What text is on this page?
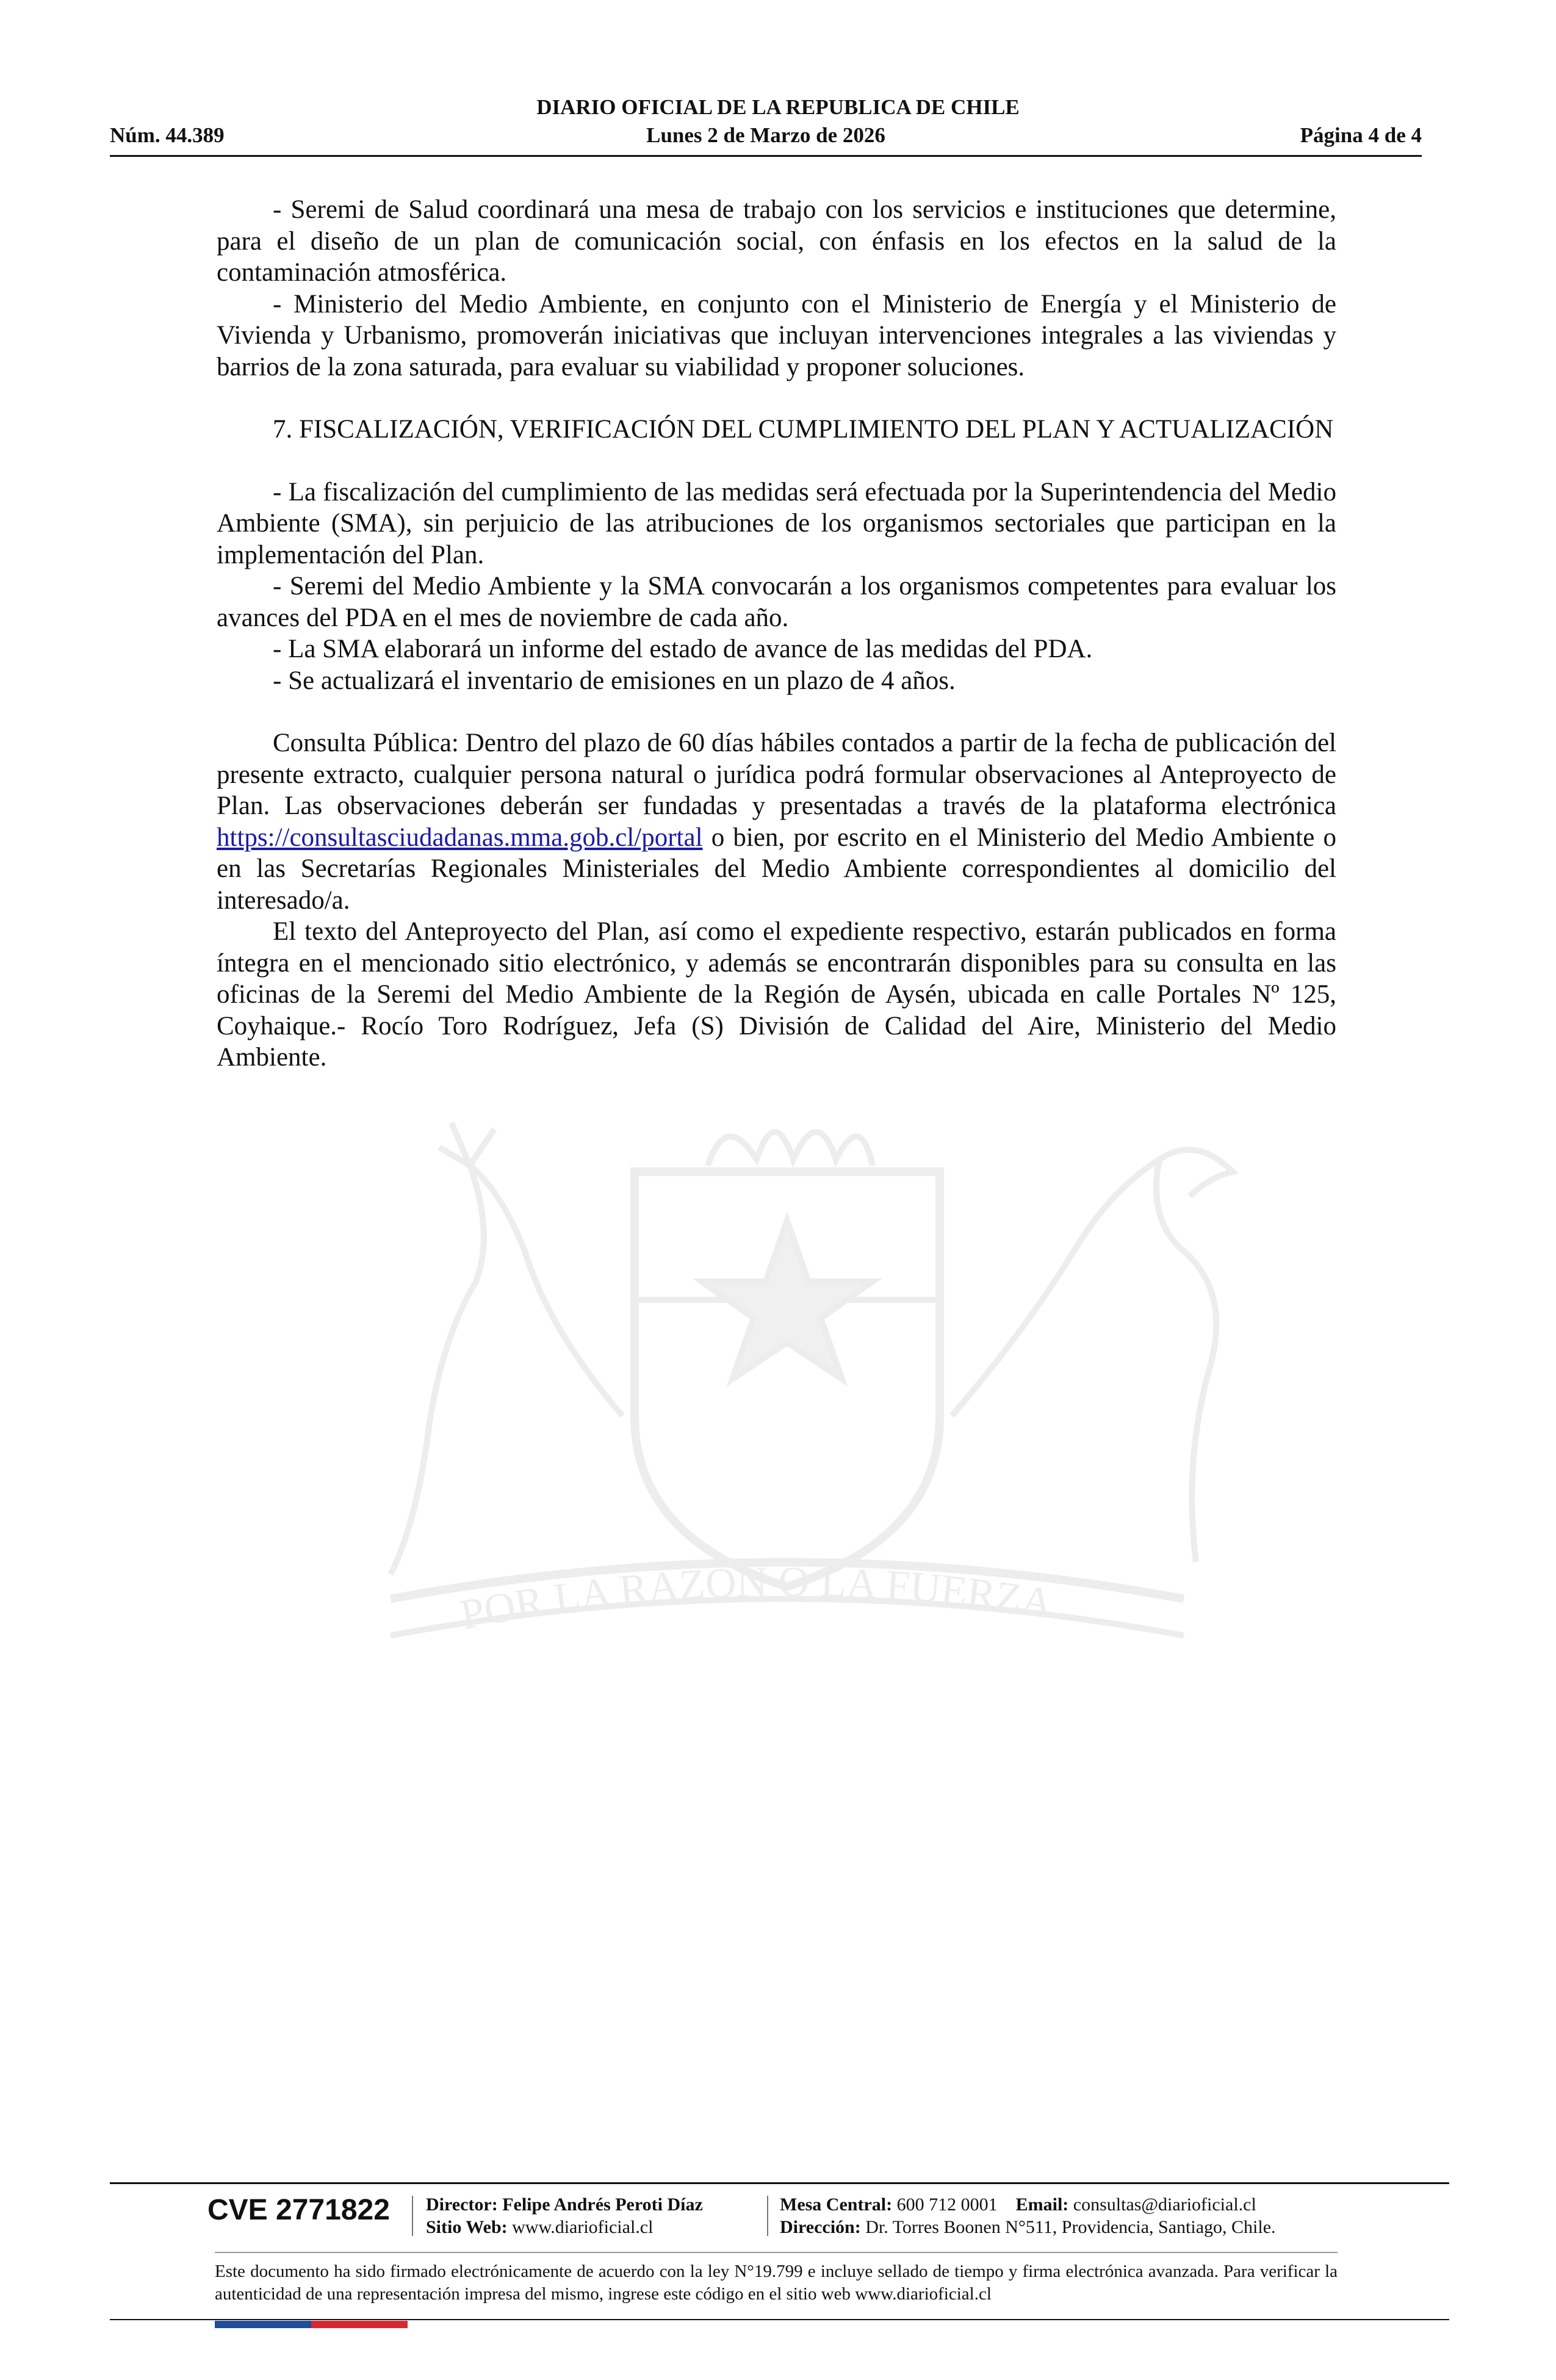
DIARIO OFICIAL DE LA REPUBLICA DE CHILE
Núm. 44.389	Lunes 2 de Marzo de 2026	Página 4 de 4
POR LA RAZÓN O LA FUERZA

- Seremi de Salud coordinará una mesa de trabajo con los servicios e instituciones que determine, para el diseño de un plan de comunicación social, con énfasis en los efectos en la salud de la contaminación atmosférica.

- Ministerio del Medio Ambiente, en conjunto con el Ministerio de Energía y el Ministerio de Vivienda y Urbanismo, promoverán iniciativas que incluyan intervenciones integrales a las viviendas y barrios de la zona saturada, para evaluar su viabilidad y proponer soluciones.

7. FISCALIZACIÓN, VERIFICACIÓN DEL CUMPLIMIENTO DEL PLAN Y ACTUALIZACIÓN

- La fiscalización del cumplimiento de las medidas será efectuada por la Superintendencia del Medio Ambiente (SMA), sin perjuicio de las atribuciones de los organismos sectoriales que participan en la implementación del Plan.

- Seremi del Medio Ambiente y la SMA convocarán a los organismos competentes para evaluar los avances del PDA en el mes de noviembre de cada año.

- La SMA elaborará un informe del estado de avance de las medidas del PDA.

- Se actualizará el inventario de emisiones en un plazo de 4 años.

Consulta Pública: Dentro del plazo de 60 días hábiles contados a partir de la fecha de publicación del presente extracto, cualquier persona natural o jurídica podrá formular observaciones al Anteproyecto de Plan. Las observaciones deberán ser fundadas y presentadas a través de la plataforma electrónica https://consultasciudadanas.mma.gob.cl/portal o bien, por escrito en el Ministerio del Medio Ambiente o en las Secretarías Regionales Ministeriales del Medio Ambiente correspondientes al domicilio del interesado/a.

El texto del Anteproyecto del Plan, así como el expediente respectivo, estarán publicados en forma íntegra en el mencionado sitio electrónico, y además se encontrarán disponibles para su consulta en las oficinas de la Seremi del Medio Ambiente de la Región de Aysén, ubicada en calle Portales Nº 125, Coyhaique.- Rocío Toro Rodríguez, Jefa (S) División de Calidad del Aire, Ministerio del Medio Ambiente.

CVE 2771822 Director: Felipe Andrés Peroti Díaz
Sitio Web: www.diarioficial.cl
Mesa Central: 600 712 0001 Email: consultas@diarioficial.cl
Dirección: Dr. Torres Boonen N°511, Providencia, Santiago, Chile.
Este documento ha sido firmado electrónicamente de acuerdo con la ley N°19.799 e incluye sellado de tiempo y firma electrónica avanzada. Para verificar la autenticidad de una representación impresa del mismo, ingrese este código en el sitio web www.diarioficial.cl
